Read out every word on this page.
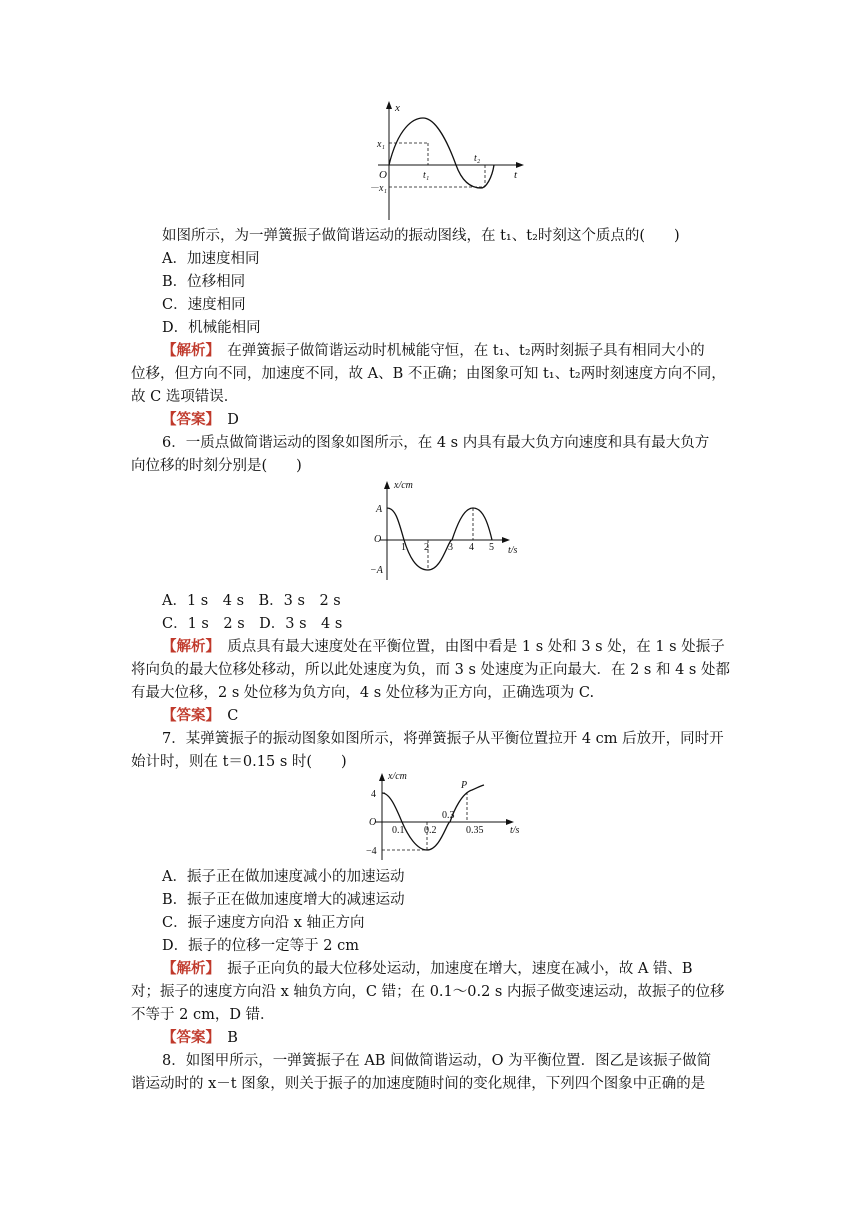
x
t
O
x₁
－x₁
t₁
t₂
如图所示，为一弹簧振子做简谐运动的振动图线，在 t₁、t₂时刻这个质点的(　　)
A．加速度相同
B．位移相同
C．速度相同
D．机械能相同
【解析】　 在弹簧振子做简谐运动时机械能守恒，在 t₁、t₂两时刻振子具有相同大小的
位移，但方向不同，加速度不同，故 A、B 不正确；由图象可知 t₁、t₂两时刻速度方向不同，
故 C 选项错误．
【答案】　 D
6．一质点做简谐运动的图象如图所示，在 4 s 内具有最大负方向速度和具有最大负方
向位移的时刻分别是(　　)
x/cm
t/s
O
A
−A
1 2 3 4 5
A．1 s　4 s　B．3 s　2 s
C．1 s　2 s　D．3 s　4 s
【解析】　 质点具有最大速度处在平衡位置，由图中看是 1 s 处和 3 s 处，在 1 s 处振子
将向负的最大位移处移动，所以此处速度为负，而 3 s 处速度为正向最大．在 2 s 和 4 s 处都
有最大位移，2 s 处位移为负方向，4 s 处位移为正方向，正确选项为 C.
【答案】　 C
7．某弹簧振子的振动图象如图所示，将弹簧振子从平衡位置拉开 4 cm 后放开，同时开
始计时，则在 t＝0.15 s 时(　　)
x/cm
t/s
O
4
−4
0.1 0.2
0.3
0.35
P
A．振子正在做加速度减小的加速运动
B．振子正在做加速度增大的减速运动
C．振子速度方向沿 x 轴正方向
D．振子的位移一定等于 2 cm
【解析】　 振子正向负的最大位移处运动，加速度在增大，速度在减小，故 A 错、B
对；振子的速度方向沿 x 轴负方向，C 错；在 0.1～0.2 s 内振子做变速运动，故振子的位移
不等于 2 cm，D 错．
【答案】　 B
8．如图甲所示，一弹簧振子在 AB 间做简谐运动，O 为平衡位置．图乙是该振子做简
谐运动时的 x－t 图象，则关于振子的加速度随时间的变化规律，下列四个图象中正确的是
